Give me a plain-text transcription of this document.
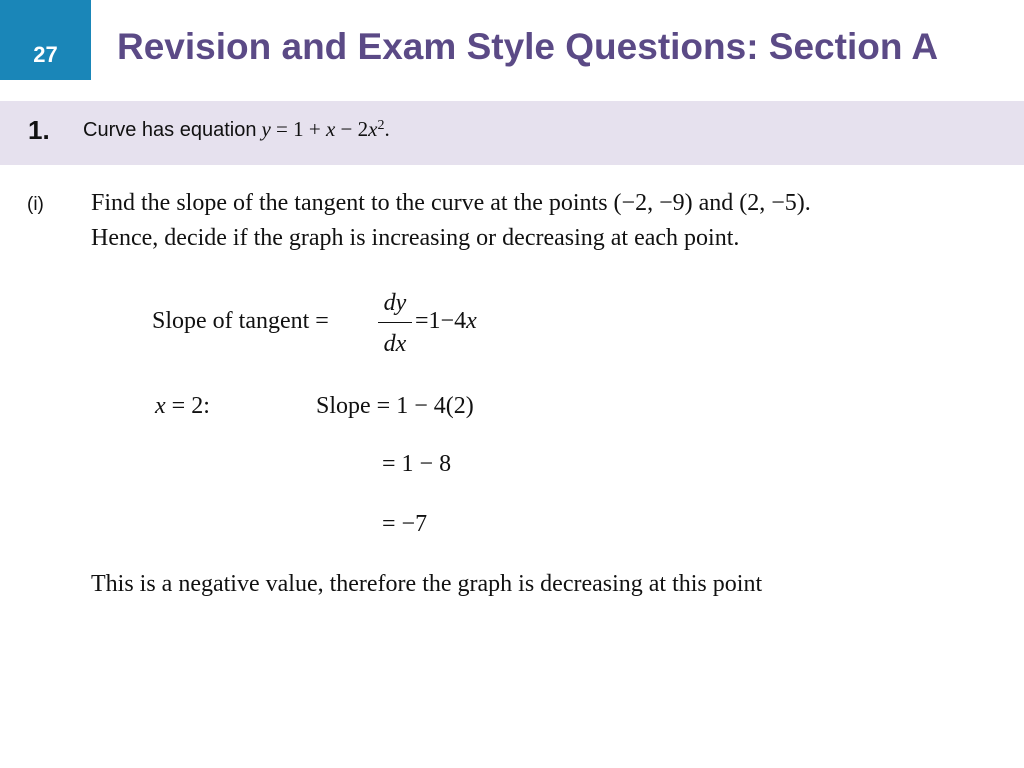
27	Revision and Exam Style Questions: Section A
1. Curve has equation $y = 1 + x - 2x^2$.
(i) Find the slope of the tangent to the curve at the points (−2, −9) and (2, −5).
Hence, decide if the graph is increasing or decreasing at each point.
Slope of tangent =
dy
dx
=1−4x
x = 2:	Slope = 1 − 4(2)
= 1 − 8
= −7
This is a negative value, therefore the graph is decreasing at this point
